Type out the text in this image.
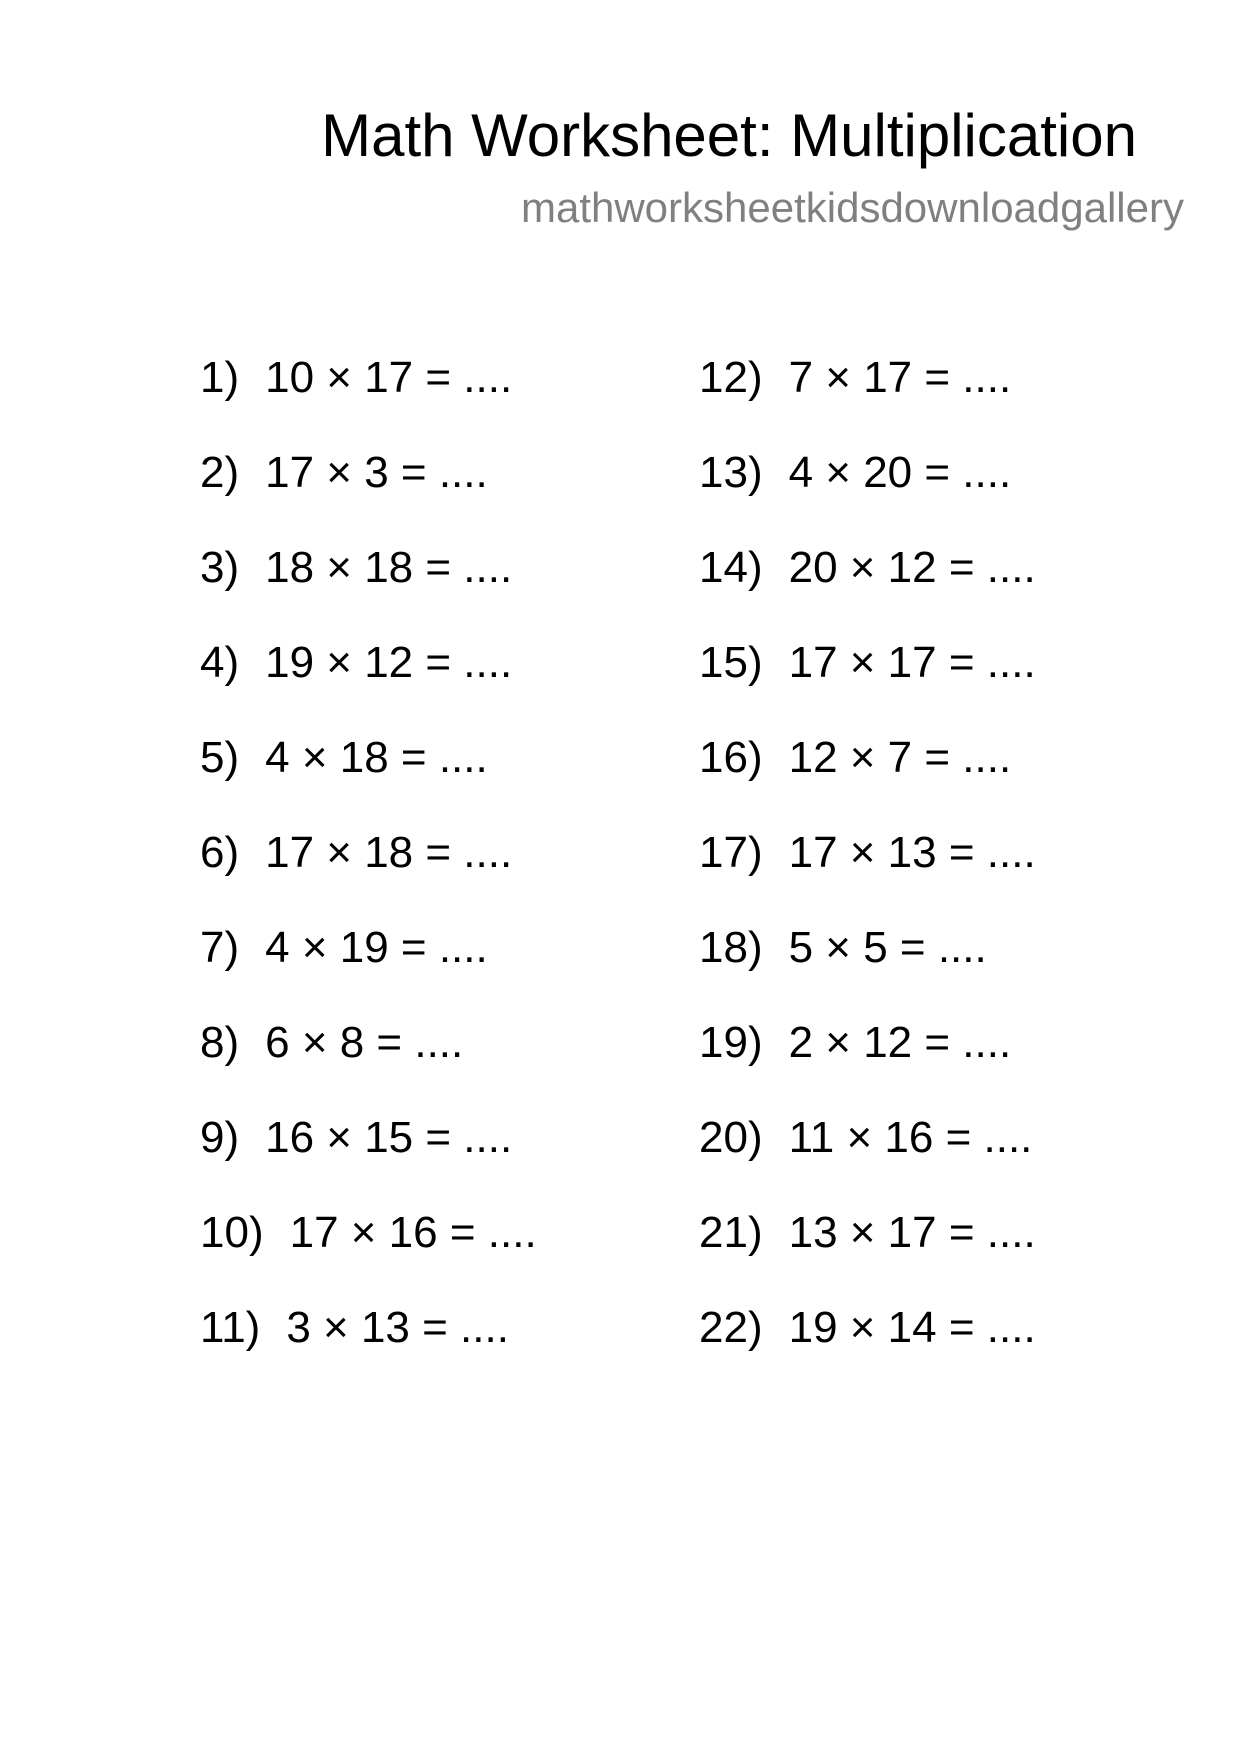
Math Worksheet: Multiplication
mathworksheetkidsdownloadgallery
1) 10 × 17 = ....
2) 17 × 3 = ....
3) 18 × 18 = ....
4) 19 × 12 = ....
5) 4 × 18 = ....
6) 17 × 18 = ....
7) 4 × 19 = ....
8) 6 × 8 = ....
9) 16 × 15 = ....
10) 17 × 16 = ....
11) 3 × 13 = ....
12) 7 × 17 = ....
13) 4 × 20 = ....
14) 20 × 12 = ....
15) 17 × 17 = ....
16) 12 × 7 = ....
17) 17 × 13 = ....
18) 5 × 5 = ....
19) 2 × 12 = ....
20) 11 × 16 = ....
21) 13 × 17 = ....
22) 19 × 14 = ....
